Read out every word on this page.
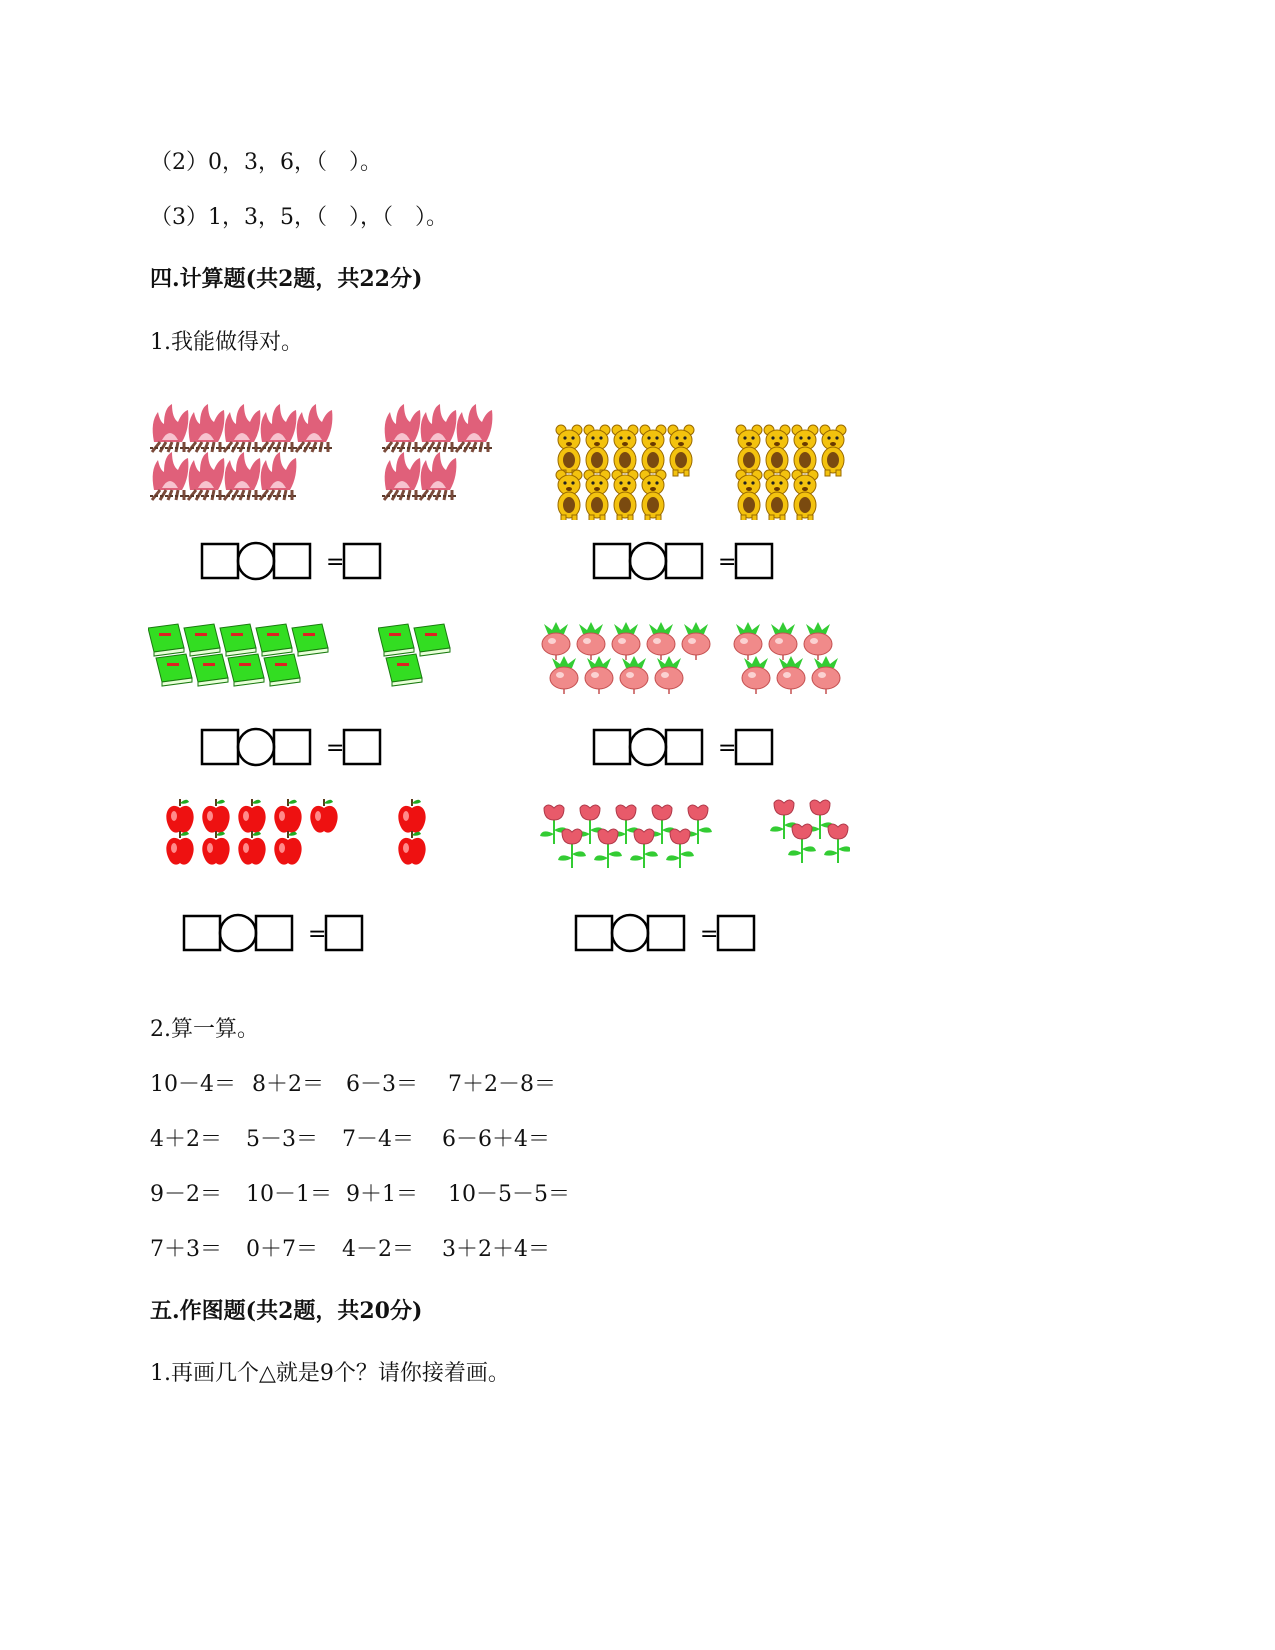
（2）0，3，6，（　）。
（3）1，3，5，（　），（　）。
四.计算题(共2题，共22分)
1.我能做得对。
=	=
=	=
=	=
2.算一算。
10－4＝ 8＋2＝ 6－3＝ 7＋2－8＝
4＋2＝ 5－3＝ 7－4＝ 6－6＋4＝
9－2＝ 10－1＝ 9＋1＝ 10－5－5＝
7＋3＝ 0＋7＝ 4－2＝ 3＋2＋4＝
五.作图题(共2题，共20分)
1.再画几个△就是9个？请你接着画。
